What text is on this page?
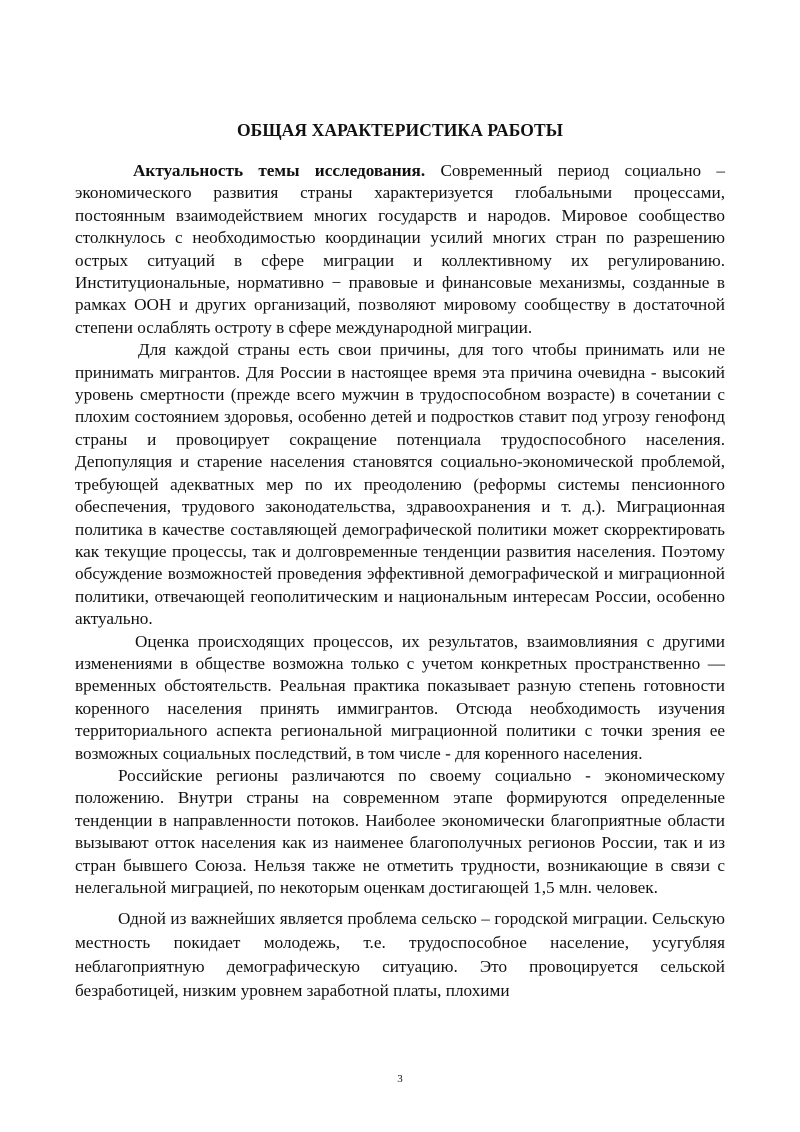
ОБЩАЯ ХАРАКТЕРИСТИКА РАБОТЫ

Актуальность темы исследования. Современный период социально – экономического развития страны характеризуется глобальными процессами, постоянным взаимодействием многих государств и народов. Мировое сообщество столкнулось с необходимостью координации усилий многих стран по разрешению острых ситуаций в сфере миграции и коллективному их регулированию. Институциональные, нормативно − правовые и финансовые механизмы, созданные в рамках ООН и других организаций, позволяют мировому сообществу в достаточной степени ослаблять остроту в сфере международной миграции.

Для каждой страны есть свои причины, для того чтобы принимать или не принимать мигрантов. Для России в настоящее время эта причина очевидна - высокий уровень смертности (прежде всего мужчин в трудоспособном возрасте) в сочетании с плохим состоянием здоровья, особенно детей и подростков ставит под угрозу генофонд страны и провоцирует сокращение потенциала трудоспособного населения. Депопуляция и старение населения становятся социально-экономической проблемой, требующей адекватных мер по их преодолению (реформы системы пенсионного обеспечения, трудового законодательства, здравоохранения и т. д.). Миграционная политика в качестве составляющей демографической политики может скорректировать как текущие процессы, так и долговременные тенденции развития населения. Поэтому обсуждение возможностей проведения эффективной демографической и миграционной политики, отвечающей геополитическим и национальным интересам России, особенно актуально.

Оценка происходящих процессов, их результатов, взаимовлияния с другими изменениями в обществе возможна только с учетом конкретных пространственно — временных обстоятельств. Реальная практика показывает разную степень готовности коренного населения принять иммигрантов. Отсюда необходимость изучения территориального аспекта региональной миграционной политики с точки зрения ее возможных социальных последствий, в том числе - для коренного населения.

Российские регионы различаются по своему социально - экономическому положению. Внутри страны на современном этапе формируются определенные тенденции в направленности потоков. Наиболее экономически благоприятные области вызывают отток населения как из наименее благополучных регионов России, так и из стран бывшего Союза. Нельзя также не отметить трудности, возникающие в связи с нелегальной миграцией, по некоторым оценкам достигающей 1,5 млн. человек.

Одной из важнейших является проблема сельско – городской миграции. Сельскую местность покидает молодежь, т.е. трудоспособное население, усугубляя неблагоприятную демографическую ситуацию. Это провоцируется сельской безработицей, низким уровнем заработной платы, плохими

3
